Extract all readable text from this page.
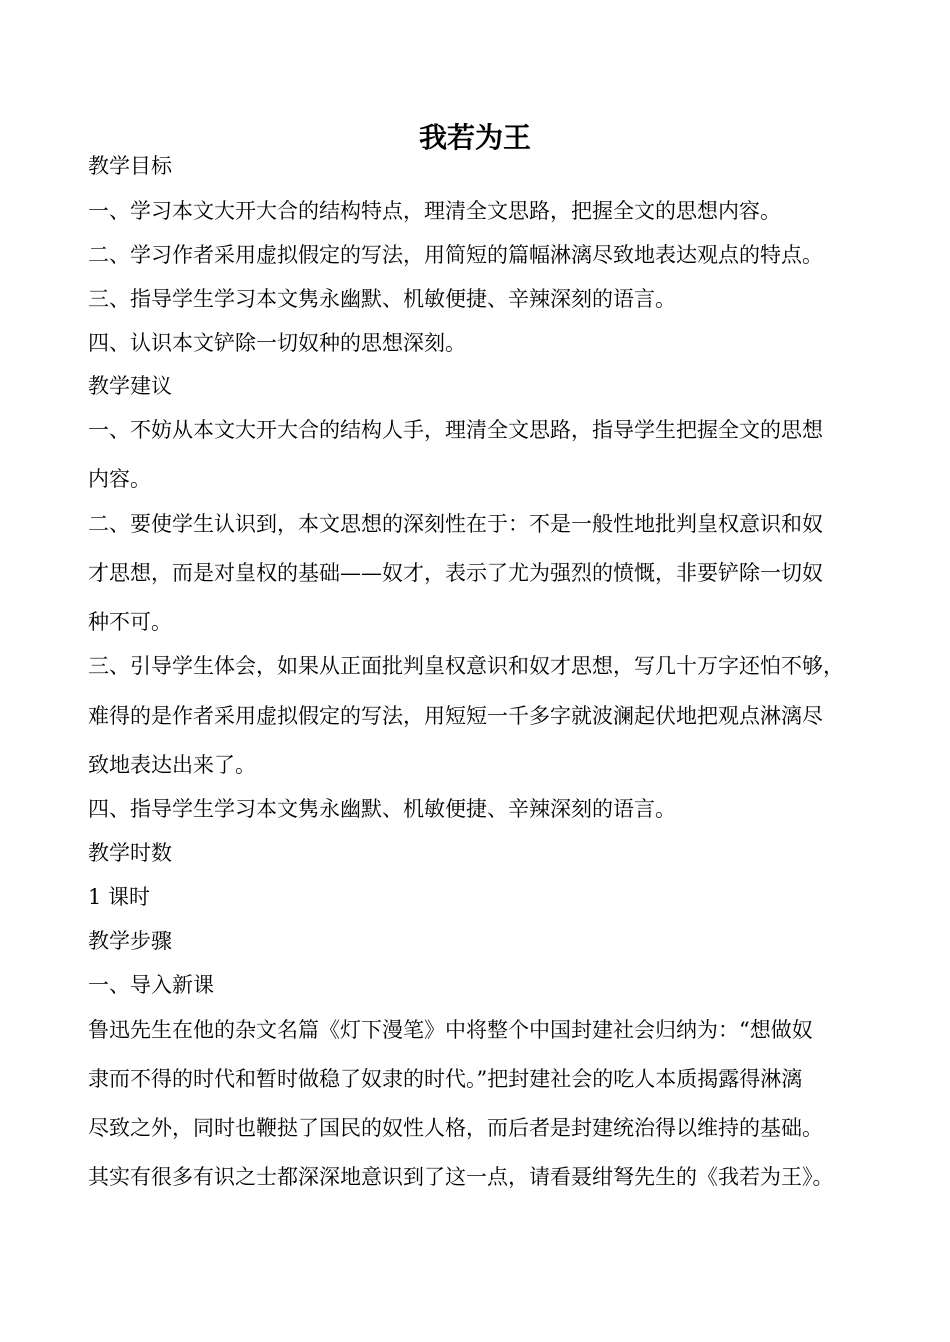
我若为王
教学目标
一、学习本文大开大合的结构特点，理清全文思路，把握全文的思想内容。
二、学习作者采用虚拟假定的写法，用简短的篇幅淋漓尽致地表达观点的特点。
三、指导学生学习本文隽永幽默、机敏便捷、辛辣深刻的语言。
四、认识本文铲除一切奴种的思想深刻。
教学建议
一、不妨从本文大开大合的结构人手，理清全文思路，指导学生把握全文的思想
内容。
二、要使学生认识到，本文思想的深刻性在于：不是一般性地批判皇权意识和奴
才思想，而是对皇权的基础——奴才，表示了尤为强烈的愤慨，非要铲除一切奴
种不可。
三、引导学生体会，如果从正面批判皇权意识和奴才思想，写几十万字还怕不够，
难得的是作者采用虚拟假定的写法，用短短一千多字就波澜起伏地把观点淋漓尽
致地表达出来了。
四、指导学生学习本文隽永幽默、机敏便捷、辛辣深刻的语言。
教学时数
1 课时
教学步骤
一、导入新课
鲁迅先生在他的杂文名篇《灯下漫笔》中将整个中国封建社会归纳为：“想做奴
隶而不得的时代和暂时做稳了奴隶的时代。”把封建社会的吃人本质揭露得淋漓
尽致之外，同时也鞭挞了国民的奴性人格，而后者是封建统治得以维持的基础。
其实有很多有识之士都深深地意识到了这一点，请看聂绀弩先生的《我若为王》。
